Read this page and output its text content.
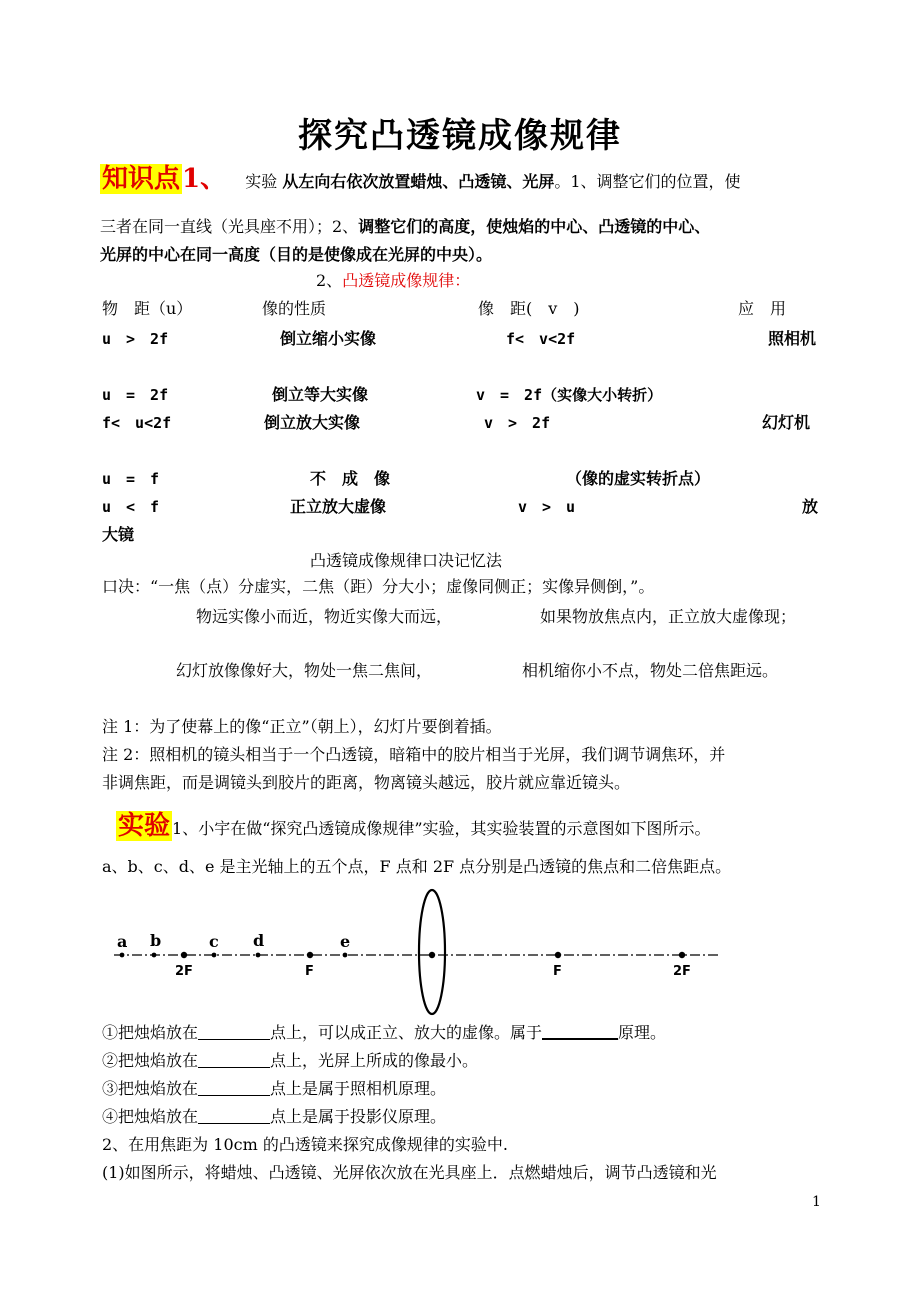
探究凸透镜成像规律
知识点1、 实验 从左向右依次放置蜡烛、凸透镜、光屏。1、调整它们的位置，使
三者在同一直线（光具座不用）；2、调整它们的高度，使烛焰的中心、凸透镜的中心、
光屏的中心在同一高度（目的是使像成在光屏的中央）。
2、凸透镜成像规律：
物　距（u）	像的性质	像　距(　v　)	应　用
u　>　2f	倒立缩小实像	f<　v<2f	照相机
u　=　2f	倒立等大实像	v　=　2f（实像大小转折）
f<　u<2f	倒立放大实像	v　>　2f	幻灯机
u　=　f	不　成　像	（像的虚实转折点）
u　<　f	正立放大虚像	v　>　u	放
大镜
凸透镜成像规律口决记忆法
口决：“一焦（点）分虚实，二焦（距）分大小；虚像同侧正；实像异侧倒，”。
物远实像小而近，物近实像大而远，	如果物放焦点内，正立放大虚像现；
幻灯放像像好大，物处一焦二焦间，	相机缩你小不点，物处二倍焦距远。
注 1：为了使幕上的像“正立”（朝上），幻灯片要倒着插。
注 2：照相机的镜头相当于一个凸透镜，暗箱中的胶片相当于光屏，我们调节调焦环，并
非调焦距，而是调镜头到胶片的距离，物离镜头越远，胶片就应靠近镜头。
实验 1、小宇在做“探究凸透镜成像规律”实验，其实验装置的示意图如下图所示。
a、b、c、d、e 是主光轴上的五个点，F 点和 2F 点分别是凸透镜的焦点和二倍焦距点。
a b	c d	e
2F	F	F	2F
①把烛焰放在	点上，可以成正立、放大的虚像。属于	原理。
②把烛焰放在	点上，光屏上所成的像最小。
③把烛焰放在	点上是属于照相机原理。
④把烛焰放在	点上是属于投影仪原理。
2、在用焦距为 10cm 的凸透镜来探究成像规律的实验中.
(1)如图所示，将蜡烛、凸透镜、光屏依次放在光具座上．点燃蜡烛后，调节凸透镜和光
1
